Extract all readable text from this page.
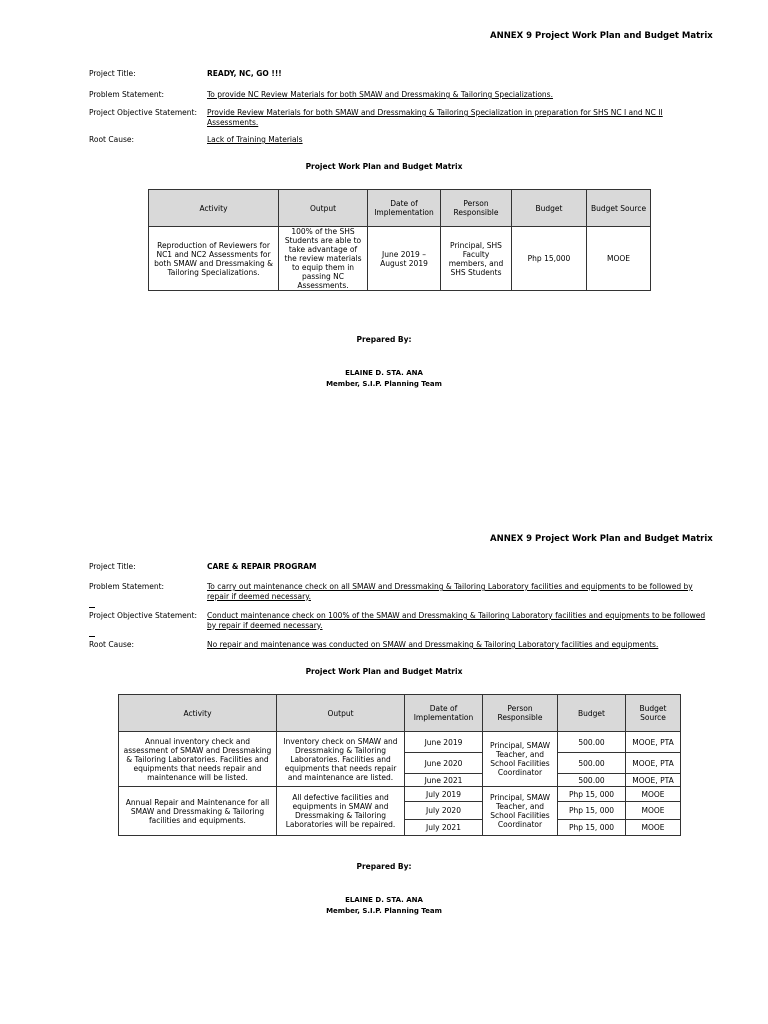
ANNEX 9 Project Work Plan and Budget Matrix
Project Title:	READY, NC, GO !!!
Problem Statement:	To provide NC Review Materials for both SMAW and Dressmaking & Tailoring Specializations.
Project Objective Statement: Provide Review Materials for both SMAW and Dressmaking & Tailoring Specialization in preparation for SHS NC I and NC II Assessments.
Root Cause:	Lack of Training Materials
Project Work Plan and Budget Matrix
Activity	Output	Date of Implementation	Person Responsible	Budget	Budget Source
Reproduction of Reviewers for NC1 and NC2 Assessments for both SMAW and Dressmaking & Tailoring Specializations.	100% of the SHS Students are able to take advantage of the review materials to equip them in passing NC Assessments.	June 2019 – August 2019	Principal, SHS Faculty members, and SHS Students	Php 15,000	MOOE
Prepared By:
ELAINE D. STA. ANA
Member, S.I.P. Planning Team
ANNEX 9 Project Work Plan and Budget Matrix
Project Title:	CARE & REPAIR PROGRAM
Problem Statement:	To carry out maintenance check on all SMAW and Dressmaking & Tailoring Laboratory facilities and equipments to be followed by repair if deemed necessary.
Project Objective Statement: Conduct maintenance check on 100% of the SMAW and Dressmaking & Tailoring Laboratory facilities and equipments to be followed by repair if deemed necessary.
Root Cause:	No repair and maintenance was conducted on SMAW and Dressmaking & Tailoring Laboratory facilities and equipments.
Project Work Plan and Budget Matrix
Activity	Output	Date of Implementation	Person Responsible	Budget	Budget Source
Annual inventory check and assessment of SMAW and Dressmaking & Tailoring Laboratories. Facilities and equipments that needs repair and maintenance will be listed.	Inventory check on SMAW and Dressmaking & Tailoring Laboratories. Facilities and equipments that needs repair and maintenance are listed.	June 2019	Principal, SMAW Teacher, and School Facilities Coordinator	500.00	MOOE, PTA
		June 2020		500.00	MOOE, PTA
		June 2021		500.00	MOOE, PTA
Annual Repair and Maintenance for all SMAW and Dressmaking & Tailoring facilities and equipments.	All defective facilities and equipments in SMAW and Dressmaking & Tailoring Laboratories will be repaired.	July 2019	Principal, SMAW Teacher, and School Facilities Coordinator	Php 15, 000	MOOE
		July 2020		Php 15, 000	MOOE
		July 2021		Php 15, 000	MOOE
Prepared By:
ELAINE D. STA. ANA
Member, S.I.P. Planning Team
